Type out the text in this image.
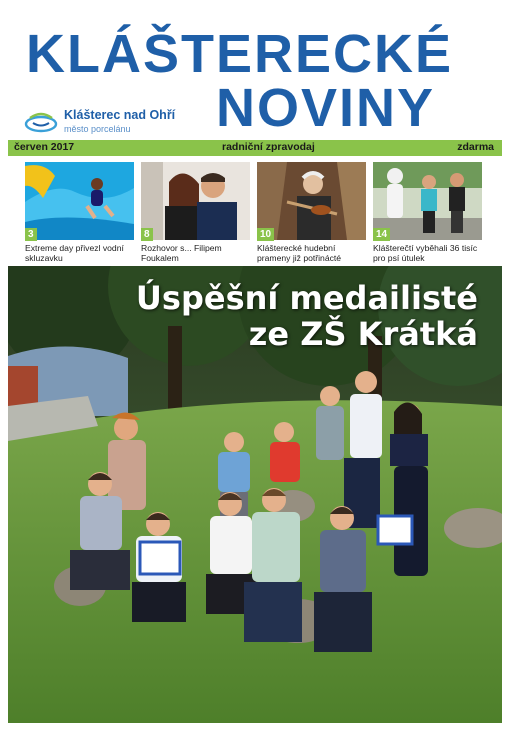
KLÁŠTERECKÉ
NOVINY
Klášterec nad Ohří
město porcelánu
červen 2017	radniční zpravodaj	zdarma
3
Extreme day přivezl vodní skluzavku
8
Rozhovor s... Filipem Foukalem
10
Klášterecké hudební prameny již potřinácté
14
Klášterečtí vyběhali 36 tisíc pro psí útulek
Úspěšní medailisté
ze ZŠ Krátká
